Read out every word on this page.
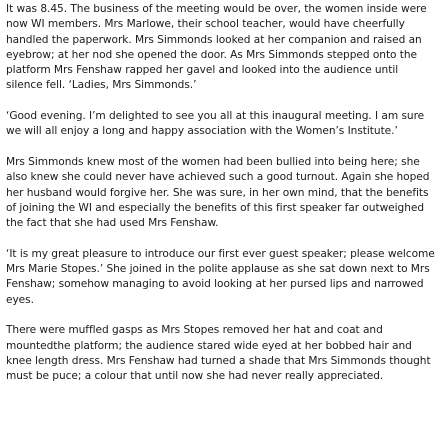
It was 8.45. The business of the meeting would be over, the women inside were now WI members. Mrs Marlowe, their school teacher, would have cheerfully handled the paperwork. Mrs Simmonds looked at her companion and raised an eyebrow; at her nod she opened the door. As Mrs Simmonds stepped onto the platform Mrs Fenshaw rapped her gavel and looked into the audience until silence fell. ‘Ladies, Mrs Simmonds.’

‘Good evening. I’m delighted to see you all at this inaugural meeting. I am sure we will all enjoy a long and happy association with the Women’s Institute.’

Mrs Simmonds knew most of the women had been bullied into being here; she also knew she could never have achieved such a good turnout. Again she hoped her husband would forgive her. She was sure, in her own mind, that the benefits of joining the WI and especially the benefits of this first speaker far outweighed the fact that she had used Mrs Fenshaw.

‘It is my great pleasure to introduce our first ever guest speaker; please welcome Mrs Marie Stopes.’ She joined in the polite applause as she sat down next to Mrs Fenshaw; somehow managing to avoid looking at her pursed lips and narrowed eyes.

There were muffled gasps as Mrs Stopes removed her hat and coat and mountedthe platform; the audience stared wide eyed at her bobbed hair and knee length dress. Mrs Fenshaw had turned a shade that Mrs Simmonds thought must be puce; a colour that until now she had never really appreciated.
